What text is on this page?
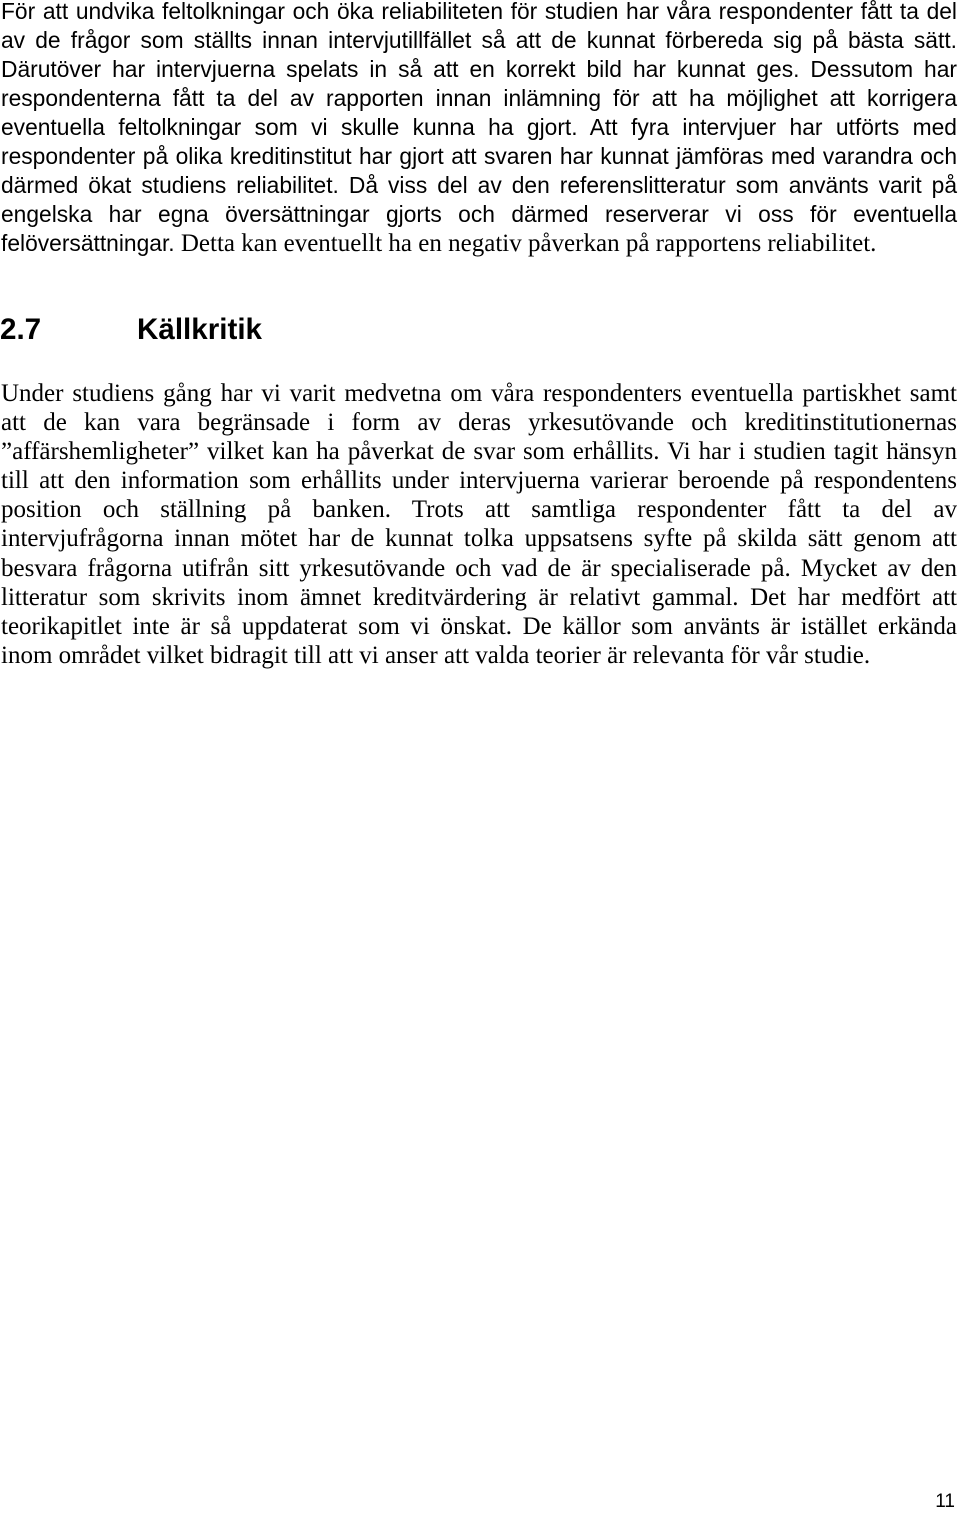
För att undvika feltolkningar och öka reliabiliteten för studien har våra respondenter fått ta del
av de frågor som ställts innan intervjutillfället så att de kunnat förbereda sig på bästa sätt.
Därutöver har intervjuerna spelats in så att en korrekt bild har kunnat ges. Dessutom har
respondenterna fått ta del av rapporten innan inlämning för att ha möjlighet att korrigera
eventuella feltolkningar som vi skulle kunna ha gjort. Att fyra intervjuer har utförts med
respondenter på olika kreditinstitut har gjort att svaren har kunnat jämföras med varandra och
därmed ökat studiens reliabilitet. Då viss del av den referenslitteratur som använts varit på
engelska har egna översättningar gjorts och därmed reserverar vi oss för eventuella
felöversättningar. Detta kan eventuellt ha en negativ påverkan på rapportens reliabilitet.
2.7	Källkritik
Under studiens gång har vi varit medvetna om våra respondenters eventuella partiskhet samt
att de kan vara begränsade i form av deras yrkesutövande och kreditinstitutionernas
”affärshemligheter” vilket kan ha påverkat de svar som erhållits. Vi har i studien tagit hänsyn
till att den information som erhållits under intervjuerna varierar beroende på respondentens
position och ställning på banken. Trots att samtliga respondenter fått ta del av
intervjufrågorna innan mötet har de kunnat tolka uppsatsens syfte på skilda sätt genom att
besvara frågorna utifrån sitt yrkesutövande och vad de är specialiserade på. Mycket av den
litteratur som skrivits inom ämnet kreditvärdering är relativt gammal. Det har medfört att
teorikapitlet inte är så uppdaterat som vi önskat. De källor som använts är istället erkända
inom området vilket bidragit till att vi anser att valda teorier är relevanta för vår studie.
11
